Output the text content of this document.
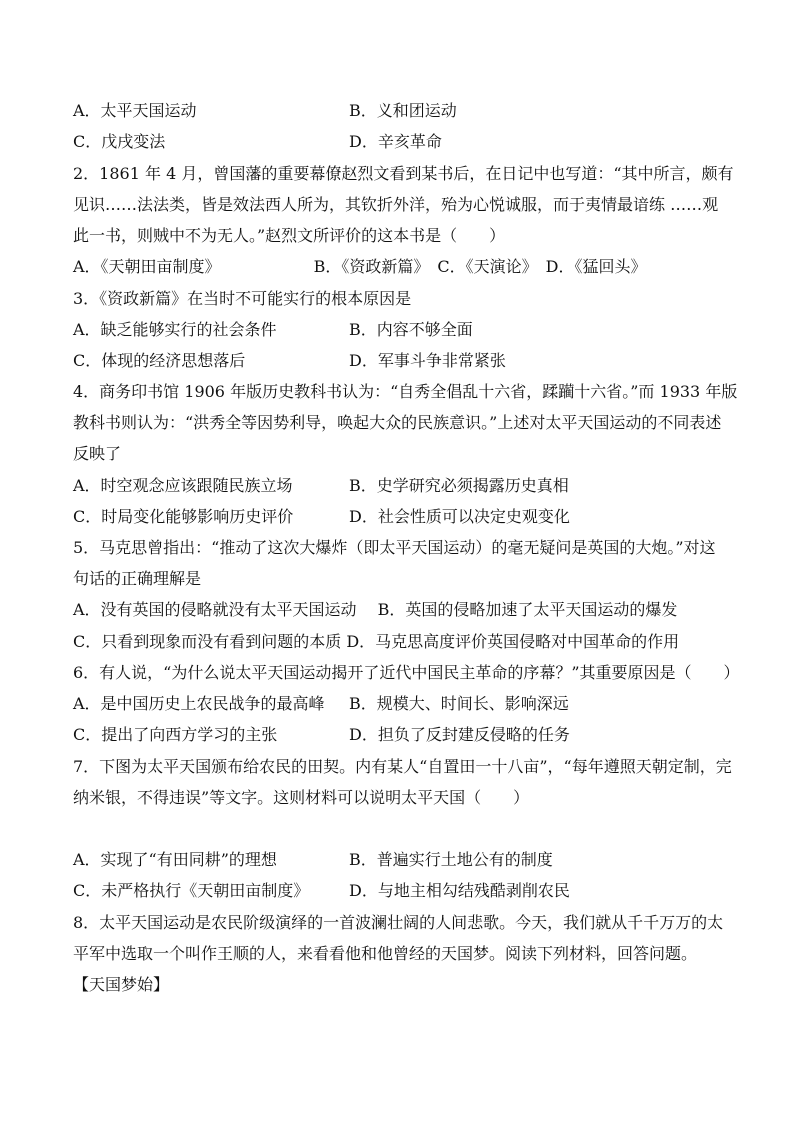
A．太平天国运动	B．义和团运动
C．戊戌变法	D．辛亥革命
2．1861 年 4 月，曾国藩的重要幕僚赵烈文看到某书后，在日记中也写道：“其中所言，颇有
见识……法法类，皆是效法西人所为，其钦折外洋，殆为心悦诚服，而于夷情最谙练 ……观
此一书，则贼中不为无人。”赵烈文所评价的这本书是（　　）
A．《天朝田亩制度》　　　　　　 B．《资政新篇》　C．《天演论》　D．《猛回头》
3．《资政新篇》在当时不可能实行的根本原因是
A．缺乏能够实行的社会条件	B．内容不够全面
C．体现的经济思想落后	D．军事斗争非常紧张
4．商务印书馆 1906 年版历史教科书认为：“自秀全倡乱十六省，蹂躏十六省。”而 1933 年版
教科书则认为：“洪秀全等因势利导，唤起大众的民族意识。”上述对太平天国运动的不同表述
反映了
A．时空观念应该跟随民族立场	B．史学研究必须揭露历史真相
C．时局变化能够影响历史评价	D．社会性质可以决定史观变化
5．马克思曾指出：“推动了这次大爆炸（即太平天国运动）的毫无疑问是英国的大炮。”对这
句话的正确理解是
A．没有英国的侵略就没有太平天国运动　 B．英国的侵略加速了太平天国运动的爆发
C．只看到现象而没有看到问题的本质 D．马克思高度评价英国侵略对中国革命的作用
6．有人说，“为什么说太平天国运动揭开了近代中国民主革命的序幕？”其重要原因是（　　）
A．是中国历史上农民战争的最高峰 B．规模大、时间长、影响深远
C．提出了向西方学习的主张	D．担负了反封建反侵略的任务
7．下图为太平天国颁布给农民的田契。内有某人“自置田一十八亩”，“每年遵照天朝定制，完
纳米银，不得违误”等文字。这则材料可以说明太平天国（　　）
A．实现了“有田同耕”的理想	B．普遍实行土地公有的制度
C．未严格执行《天朝田亩制度》 D．与地主相勾结残酷剥削农民
8．太平天国运动是农民阶级演绎的一首波澜壮阔的人间悲歌。今天，我们就从千千万万的太
平军中选取一个叫作王顺的人，来看看他和他曾经的天国梦。阅读下列材料，回答问题。
【天国梦始】
